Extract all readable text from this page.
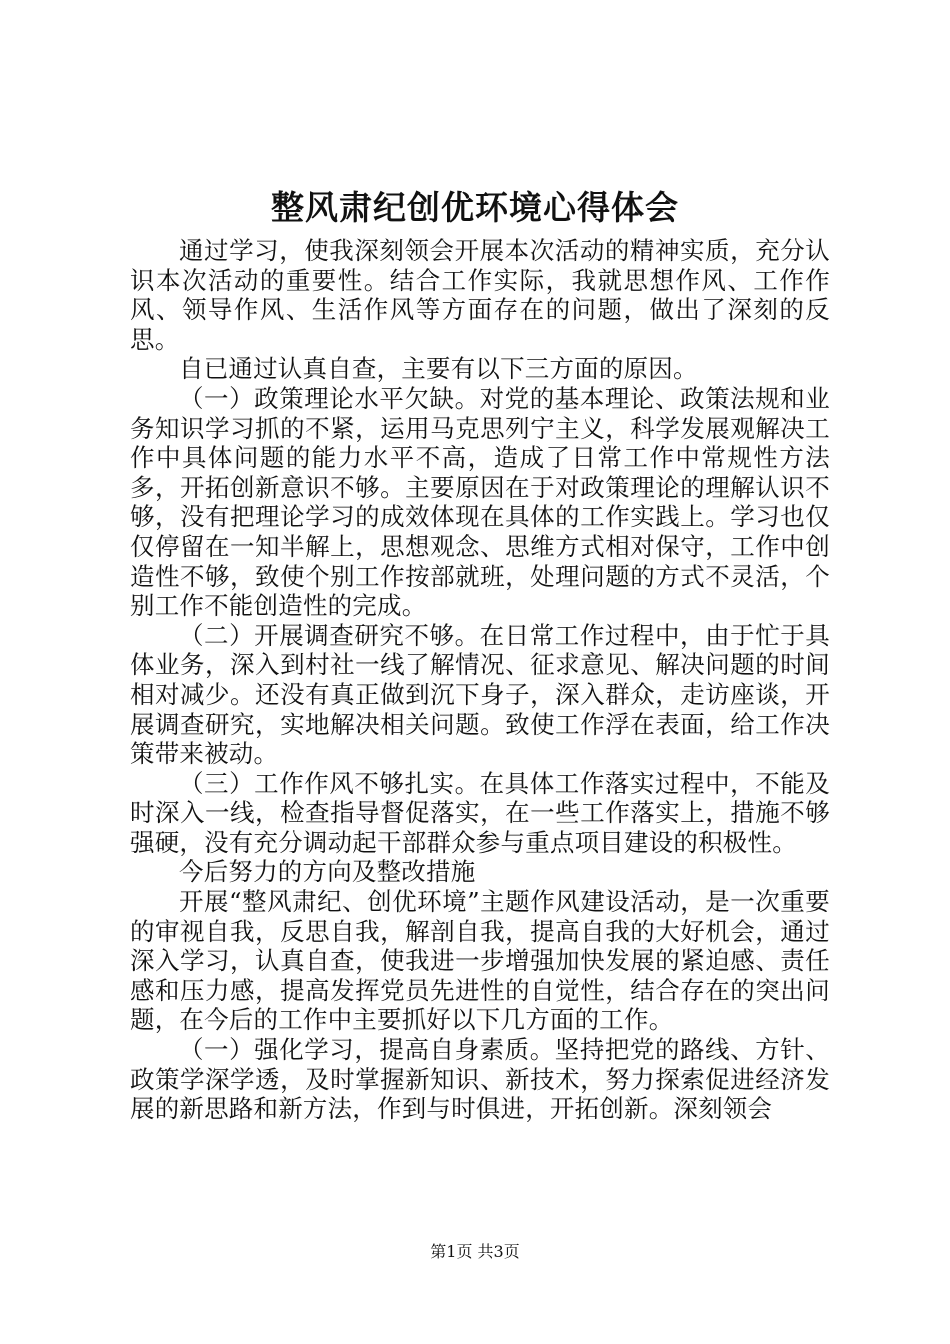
整风肃纪创优环境心得体会

通过学习，使我深刻领会开展本次活动的精神实质，充分认识本次活动的重要性。结合工作实际，我就思想作风、工作作风、领导作风、生活作风等方面存在的问题，做出了深刻的反思。

自已通过认真自查，主要有以下三方面的原因。

（一）政策理论水平欠缺。对党的基本理论、政策法规和业务知识学习抓的不紧，运用马克思列宁主义，科学发展观解决工作中具体问题的能力水平不高，造成了日常工作中常规性方法多，开拓创新意识不够。主要原因在于对政策理论的理解认识不够，没有把理论学习的成效体现在具体的工作实践上。学习也仅仅停留在一知半解上，思想观念、思维方式相对保守，工作中创造性不够，致使个别工作按部就班，处理问题的方式不灵活，个别工作不能创造性的完成。

（二）开展调查研究不够。在日常工作过程中，由于忙于具体业务，深入到村社一线了解情况、征求意见、解决问题的时间相对减少。还没有真正做到沉下身子，深入群众，走访座谈，开展调查研究，实地解决相关问题。致使工作浮在表面，给工作决策带来被动。

（三）工作作风不够扎实。在具体工作落实过程中，不能及时深入一线，检查指导督促落实，在一些工作落实上，措施不够强硬，没有充分调动起干部群众参与重点项目建设的积极性。

今后努力的方向及整改措施

开展“整风肃纪、创优环境”主题作风建设活动，是一次重要的审视自我，反思自我，解剖自我，提高自我的大好机会，通过深入学习，认真自查，使我进一步增强加快发展的紧迫感、责任感和压力感，提高发挥党员先进性的自觉性，结合存在的突出问题，在今后的工作中主要抓好以下几方面的工作。

（一）强化学习，提高自身素质。坚持把党的路线、方针、政策学深学透，及时掌握新知识、新技术，努力探索促进经济发展的新思路和新方法，作到与时俱进，开拓创新。深刻领会

第1页 共3页
